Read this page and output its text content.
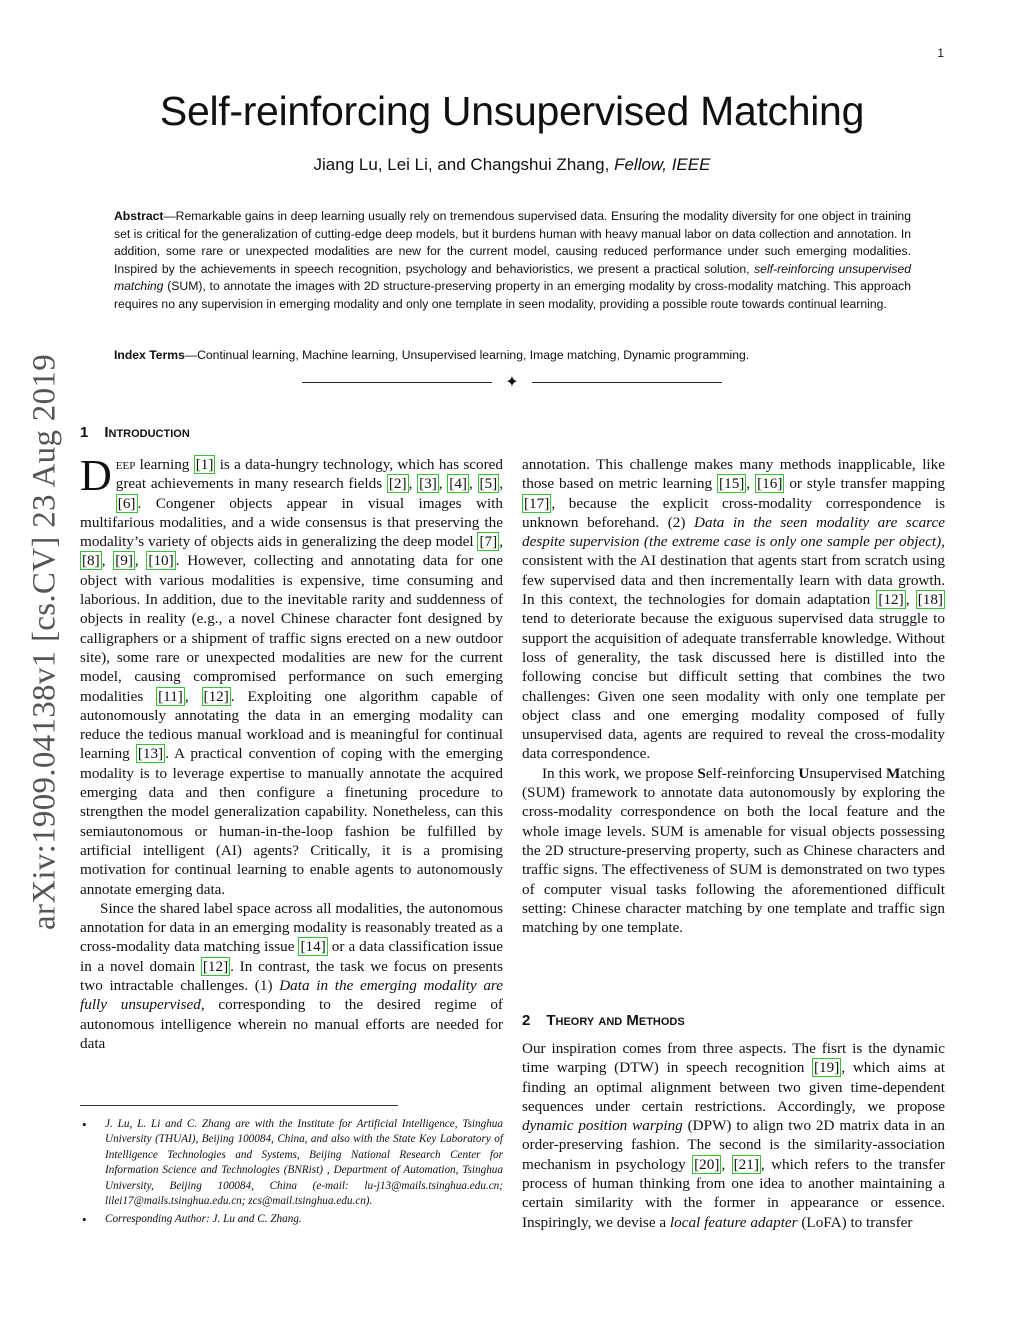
1
arXiv:1909.04138v1 [cs.CV] 23 Aug 2019
Self-reinforcing Unsupervised Matching
Jiang Lu, Lei Li, and Changshui Zhang, Fellow, IEEE
Abstract—Remarkable gains in deep learning usually rely on tremendous supervised data. Ensuring the modality diversity for one object in training set is critical for the generalization of cutting-edge deep models, but it burdens human with heavy manual labor on data collection and annotation. In addition, some rare or unexpected modalities are new for the current model, causing reduced performance under such emerging modalities. Inspired by the achievements in speech recognition, psychology and behavioristics, we present a practical solution, self-reinforcing unsupervised matching (SUM), to annotate the images with 2D structure-preserving property in an emerging modality by cross-modality matching. This approach requires no any supervision in emerging modality and only one template in seen modality, providing a possible route towards continual learning.
Index Terms—Continual learning, Machine learning, Unsupervised learning, Image matching, Dynamic programming.
✦
1 Introduction

Deep learning [1] is a data-hungry technology, which has scored great achievements in many research fields [2] , [3] , [4] , [5] , [6] . Congener objects appear in visual images with multifarious modalities, and a wide consensus is that preserving the modality’s variety of objects aids in generalizing the deep model [7] , [8] , [9] , [10] . However, collecting and annotating data for one object with various modalities is expensive, time consuming and laborious. In addition, due to the inevitable rarity and suddenness of objects in reality (e.g., a novel Chinese character font designed by calligraphers or a shipment of traffic signs erected on a new outdoor site), some rare or unexpected modalities are new for the current model, causing compromised performance on such emerging modalities [11] , [12] . Exploiting one algorithm capable of autonomously annotating the data in an emerging modality can reduce the tedious manual workload and is meaningful for continual learning [13] . A practical convention of coping with the emerging modality is to leverage expertise to manually annotate the acquired emerging data and then configure a finetuning procedure to strengthen the model generalization capability. Nonetheless, can this semiautonomous or human-in-the-loop fashion be fulfilled by artificial intelligent (AI) agents? Critically, it is a promising motivation for continual learning to enable agents to autonomously annotate emerging data.

Since the shared label space across all modalities, the autonomous annotation for data in an emerging modality is reasonably treated as a cross-modality data matching issue [14] or a data classification issue in a novel domain [12] . In contrast, the task we focus on presents two intractable challenges. (1) Data in the emerging modality are fully unsupervised, corresponding to the desired regime of autonomous intelligence wherein no manual efforts are needed for data

• J. Lu, L. Li and C. Zhang are with the Institute for Artificial Intelligence, Tsinghua University (THUAI), Beijing 100084, China, and also with the State Key Laboratory of Intelligence Technologies and Systems, Beijing National Research Center for Information Science and Technologies (BNRist) , Department of Automation, Tsinghua University, Beijing 100084, China (e-mail: lu-j13@mails.tsinghua.edu.cn; lilei17@mails.tsinghua.edu.cn; zcs@mail.tsinghua.edu.cn).
• Corresponding Author: J. Lu and C. Zhang.

annotation. This challenge makes many methods inapplicable, like those based on metric learning [15] , [16] or style transfer mapping [17] , because the explicit cross-modality correspondence is unknown beforehand. (2) Data in the seen modality are scarce despite supervision (the extreme case is only one sample per object), consistent with the AI destination that agents start from scratch using few supervised data and then incrementally learn with data growth. In this context, the technologies for domain adaptation [12] , [18] tend to deteriorate because the exiguous supervised data struggle to support the acquisition of adequate transferrable knowledge. Without loss of generality, the task discussed here is distilled into the following concise but difficult setting that combines the two challenges: Given one seen modality with only one template per object class and one emerging modality composed of fully unsupervised data, agents are required to reveal the cross-modality data correspondence.

In this work, we propose Self-reinforcing Unsupervised Matching (SUM) framework to annotate data autonomously by exploring the cross-modality correspondence on both the local feature and the whole image levels. SUM is amenable for visual objects possessing the 2D structure-preserving property, such as Chinese characters and traffic signs. The effectiveness of SUM is demonstrated on two types of computer visual tasks following the aforementioned difficult setting: Chinese character matching by one template and traffic sign matching by one template.

2 Theory and Methods

Our inspiration comes from three aspects. The fisrt is the dynamic time warping (DTW) in speech recognition [19] , which aims at finding an optimal alignment between two given time-dependent sequences under certain restrictions. Accordingly, we propose dynamic position warping (DPW) to align two 2D matrix data in an order-preserving fashion. The second is the similarity-association mechanism in psychology [20] , [21] , which refers to the transfer process of human thinking from one idea to another maintaining a certain similarity with the former in appearance or essence. Inspiringly, we devise a local feature adapter (LoFA) to transfer
